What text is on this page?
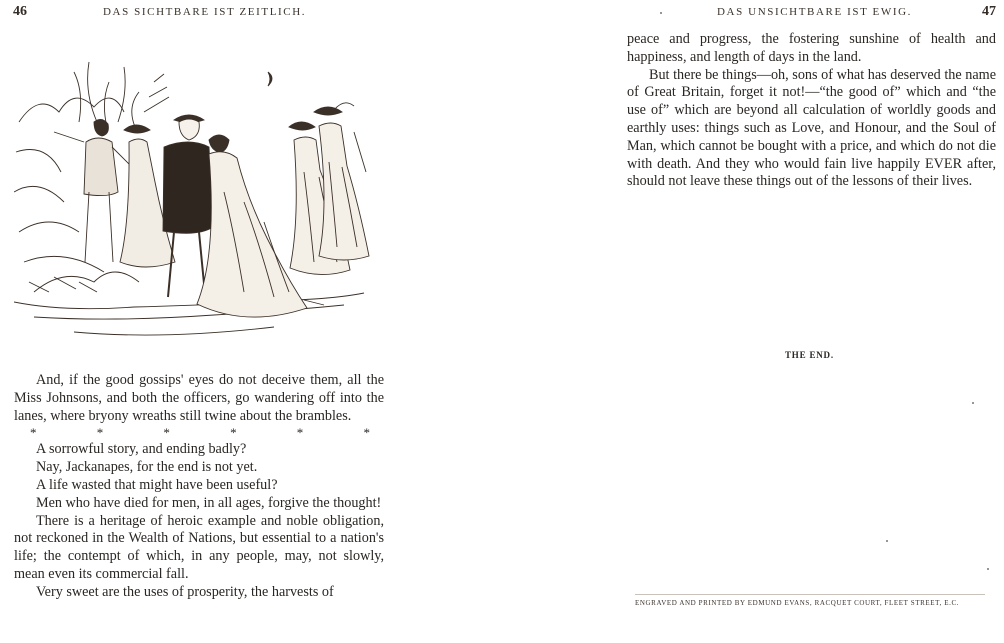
46	DAS SICHTBARE IST ZEITLICH.

And, if the good gossips' eyes do not deceive them, all the Miss Johnsons, and both the officers, go wandering off into the lanes, where bryony wreaths still twine about the brambles.

*	*	*	*	*	*

A sorrowful story, and ending badly?

Nay, Jackanapes, for the end is not yet.

A life wasted that might have been useful?

Men who have died for men, in all ages, forgive the thought!

There is a heritage of heroic example and noble obligation, not reckoned in the Wealth of Nations, but essential to a nation's life; the contempt of which, in any people, may, not slowly, mean even its commercial fall.

Very sweet are the uses of prosperity, the harvests of

DAS UNSICHTBARE IST EWIG.	47

peace and progress, the fostering sunshine of health and happiness, and length of days in the land.

But there be things—oh, sons of what has deserved the name of Great Britain, forget it not!—“the good of” which and “the use of” which are beyond all calculation of worldly goods and earthly uses: things such as Love, and Honour, and the Soul of Man, which cannot be bought with a price, and which do not die with death. And they who would fain live happily EVER after, should not leave these things out of the lessons of their lives.

THE END.
ENGRAVED AND PRINTED BY EDMUND EVANS, RACQUET COURT, FLEET STREET, E.C.
